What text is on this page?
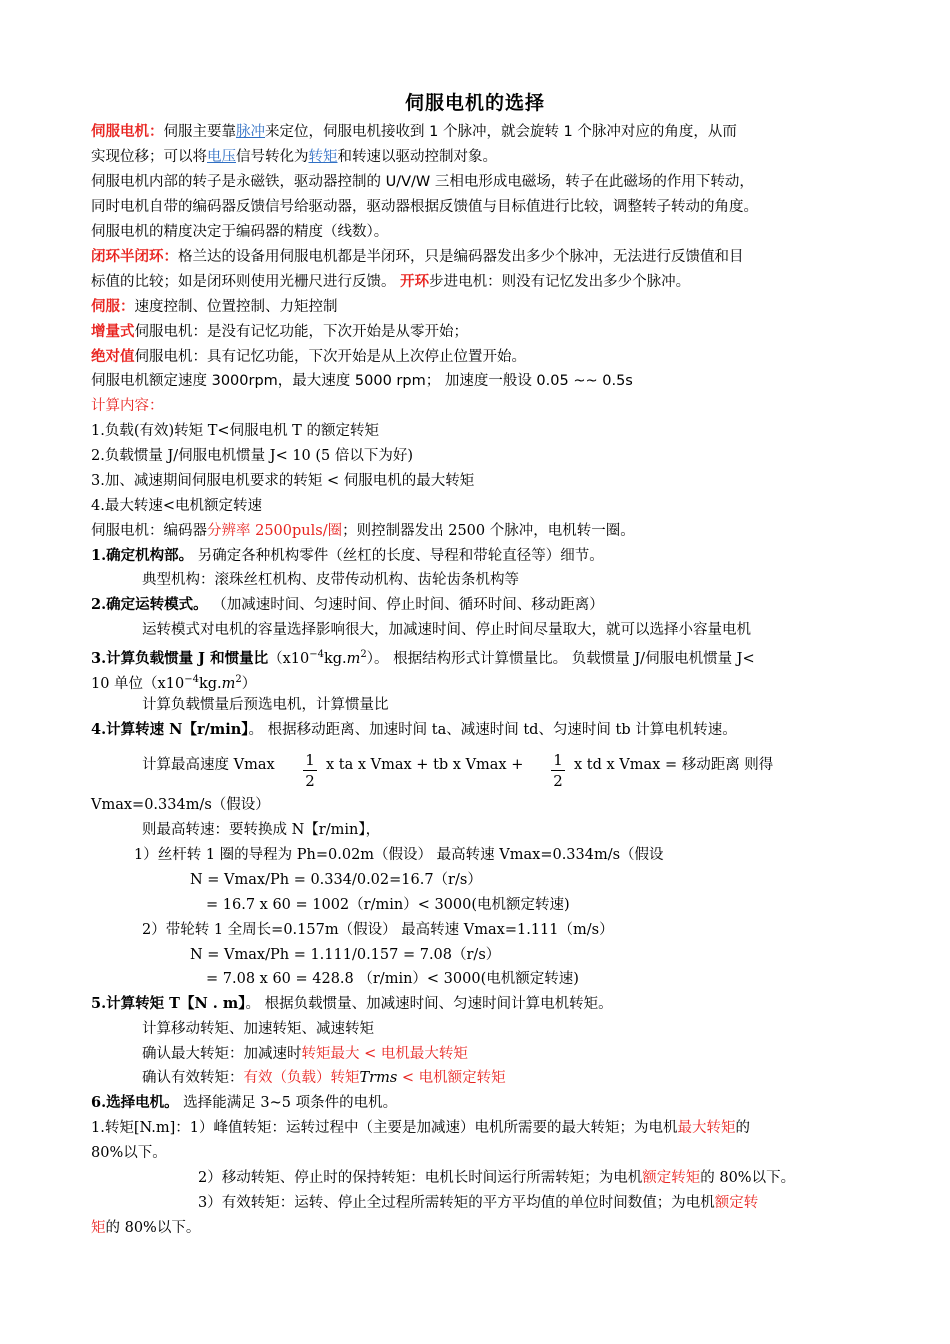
伺服电机的选择
伺服电机：伺服主要靠脉冲来定位，伺服电机接收到 1 个脉冲，就会旋转 1 个脉冲对应的角度，从而
实现位移；可以将电压信号转化为转矩和转速以驱动控制对象。
伺服电机内部的转子是永磁铁，驱动器控制的 U/V/W 三相电形成电磁场，转子在此磁场的作用下转动，
同时电机自带的编码器反馈信号给驱动器，驱动器根据反馈值与目标值进行比较，调整转子转动的角度。
伺服电机的精度决定于编码器的精度（线数）。
闭环半闭环：格兰达的设备用伺服电机都是半闭环，只是编码器发出多少个脉冲，无法进行反馈值和目
标值的比较；如是闭环则使用光栅尺进行反馈。 开环步进电机：则没有记忆发出多少个脉冲。
伺服：速度控制、位置控制、力矩控制
增量式伺服电机：是没有记忆功能，下次开始是从零开始；
绝对值伺服电机：具有记忆功能，下次开始是从上次停止位置开始。
伺服电机额定速度 3000rpm，最大速度 5000 rpm； 加速度一般设 0.05 ~~ 0.5s
计算内容：
1.负载(有效)转矩 T<伺服电机 T 的额定转矩
2.负载惯量 J/伺服电机惯量 J< 10 (5 倍以下为好)
3.加、减速期间伺服电机要求的转矩 < 伺服电机的最大转矩
4.最大转速<电机额定转速
伺服电机：编码器分辨率 2500puls/圈；则控制器发出 2500 个脉冲，电机转一圈。
1.确定机构部。 另确定各种机构零件（丝杠的长度、导程和带轮直径等）细节。
典型机构：滚珠丝杠机构、皮带传动机构、齿轮齿条机构等
2.确定运转模式。 （加减速时间、匀速时间、停止时间、循环时间、移动距离）
运转模式对电机的容量选择影响很大，加减速时间、停止时间尽量取大，就可以选择小容量电机
3.计算负载惯量 J 和惯量比$(x10^{-4}kg.m^2)$。 根据结构形式计算惯量比。 负载惯量 J/伺服电机惯量 J<
10 单位$(x10^{-4}kg.m^2)$
计算负载惯量后预选电机，计算惯量比
4.计算转速 N【r/min】。 根据移动距离、加速时间 ta、减速时间 td、匀速时间 tb 计算电机转速。
计算最高速度 Vmax	x ta x Vmax + tb x Vmax +	x td x Vmax = 移动距离 则得
Vmax=0.334m/s（假设）
则最高转速：要转换成 N【r/min】，
1）丝杆转 1 圈的导程为 Ph=0.02m（假设） 最高转速 Vmax=0.334m/s（假设
N = Vmax/Ph = 0.334/0.02=16.7（r/s）
= 16.7 x 60 = 1002（r/min）< 3000(电机额定转速)
2）带轮转 1 全周长=0.157m（假设） 最高转速 Vmax=1.111（m/s）
N = Vmax/Ph = 1.111/0.157 = 7.08（r/s）
= 7.08 x 60 = 428.8 （r/min）< 3000(电机额定转速)
5.计算转矩 T【N . m】。 根据负载惯量、加减速时间、匀速时间计算电机转矩。
计算移动转矩、加速转矩、减速转矩
确认最大转矩：加减速时转矩最大 < 电机最大转矩
确认有效转矩：有效（负载）转矩Trms < 电机额定转矩
6.选择电机。 选择能满足 3~5 项条件的电机。
1.转矩[N.m]：1）峰值转矩：运转过程中（主要是加减速）电机所需要的最大转矩；为电机最大转矩的
80%以下。
2）移动转矩、停止时的保持转矩：电机长时间运行所需转矩；为电机额定转矩的 80%以下。
3）有效转矩：运转、停止全过程所需转矩的平方平均值的单位时间数值；为电机额定转
矩的 80%以下。
1
2
1
2
